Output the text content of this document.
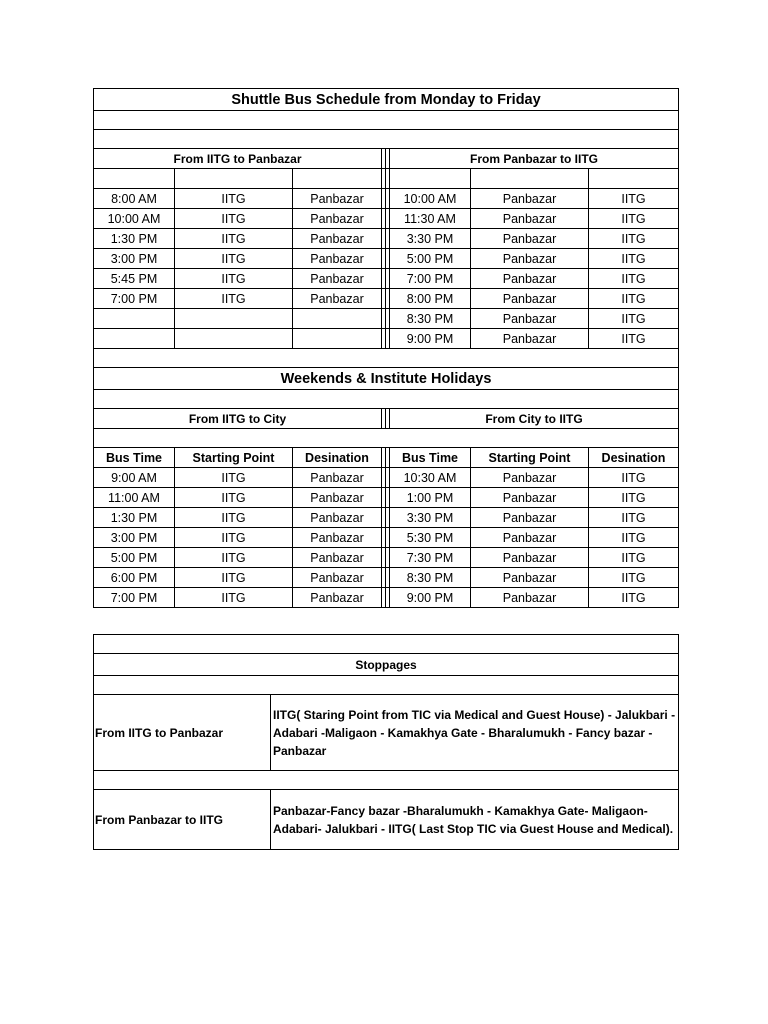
Shuttle Bus Schedule from Monday to Friday							

From IITG to Panbazar					From Panbazar to IITG		

8:00 AM	IITG	Panbazar			10:00 AM	Panbazar	IITG
10:00 AM	IITG	Panbazar			11:30 AM	Panbazar	IITG
1:30 PM	IITG	Panbazar			3:30 PM	Panbazar	IITG
3:00 PM	IITG	Panbazar			5:00 PM	Panbazar	IITG
5:45 PM	IITG	Panbazar			7:00 PM	Panbazar	IITG
7:00 PM	IITG	Panbazar			8:00 PM	Panbazar	IITG
					8:30 PM	Panbazar	IITG
					9:00 PM	Panbazar	IITG

Weekends & Institute Holidays							

From IITG to City					From City to IITG		

Bus Time	Starting Point	Desination			Bus Time	Starting Point	Desination
9:00 AM	IITG	Panbazar			10:30 AM	Panbazar	IITG
11:00 AM	IITG	Panbazar			1:00 PM	Panbazar	IITG
1:30 PM	IITG	Panbazar			3:30 PM	Panbazar	IITG
3:00 PM	IITG	Panbazar			5:30 PM	Panbazar	IITG
5:00 PM	IITG	Panbazar			7:30 PM	Panbazar	IITG
6:00 PM	IITG	Panbazar			8:30 PM	Panbazar	IITG
7:00 PM	IITG	Panbazar			9:00 PM	Panbazar	IITG

Stoppages	

From IITG to Panbazar	IITG( Staring Point from TIC via Medical and Guest House) - Jalukbari -Adabari -Maligaon - Kamakhya Gate - Bharalumukh - Fancy bazar - Panbazar

From Panbazar to IITG	Panbazar-Fancy bazar -Bharalumukh - Kamakhya Gate- Maligaon-Adabari- Jalukbari - IITG( Last Stop TIC via Guest House and Medical).
